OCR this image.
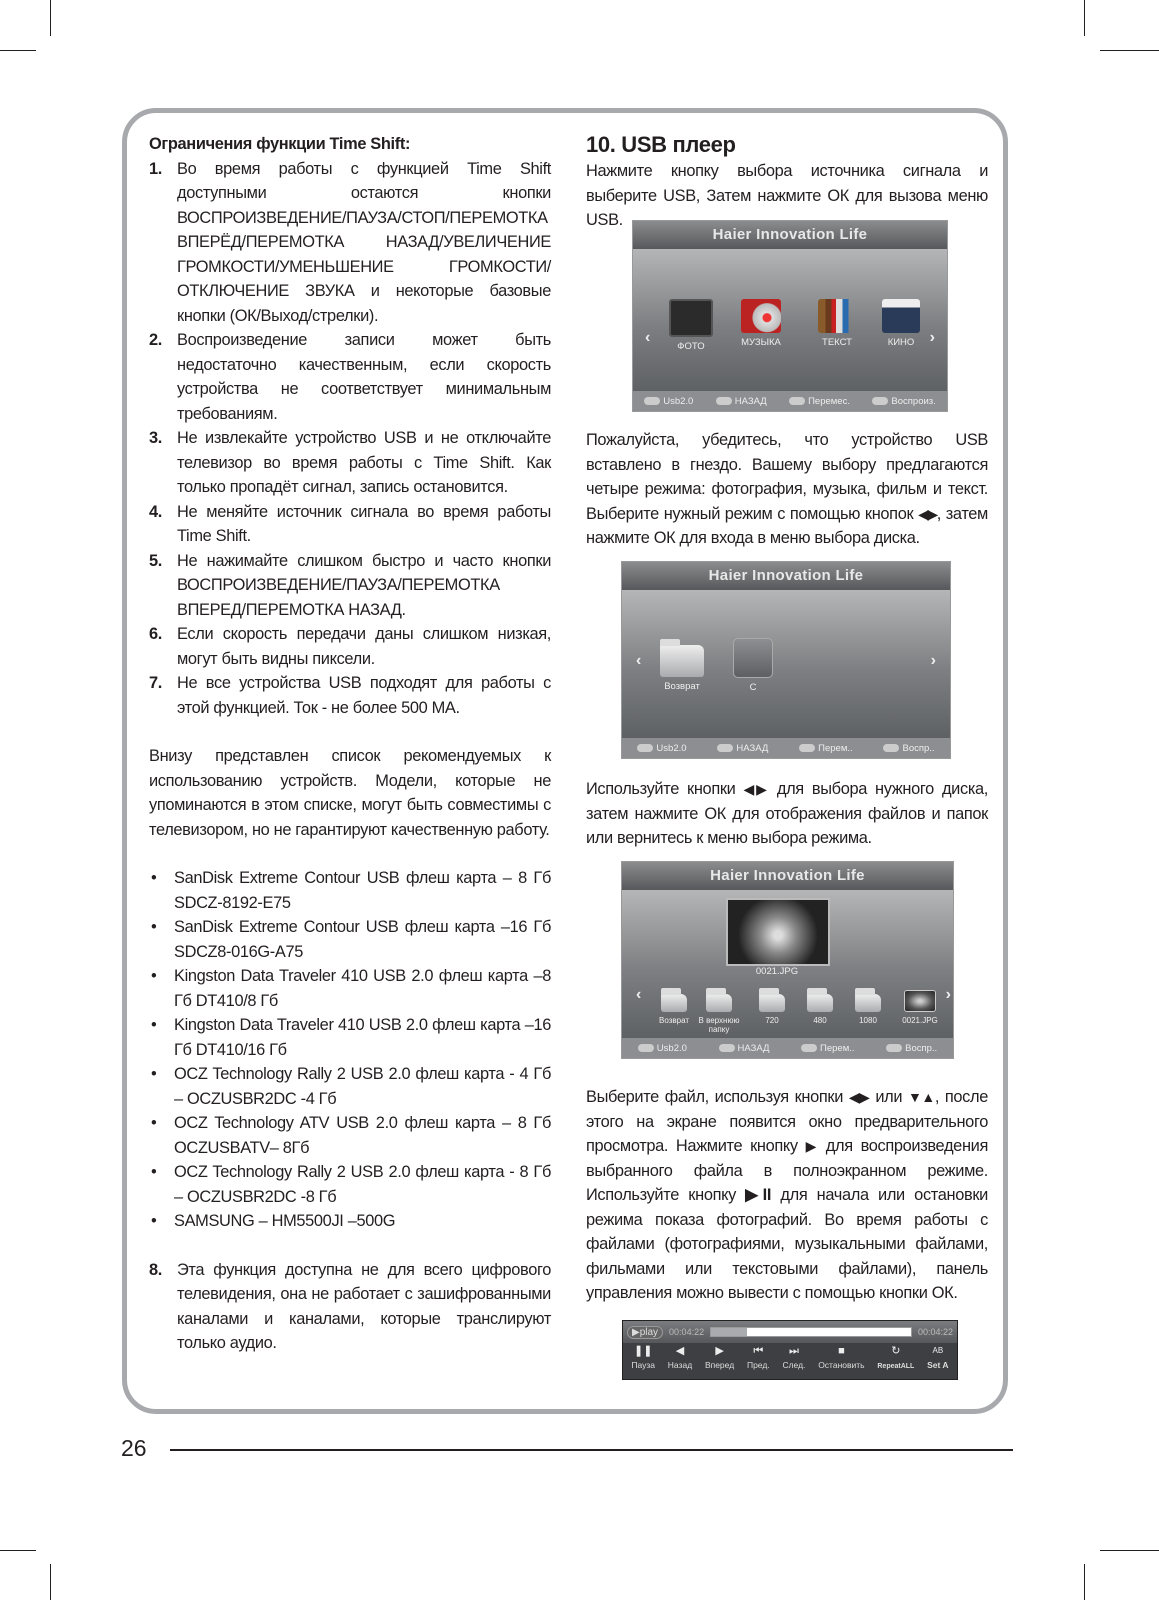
Ограничения функции Time Shift:
1. Во время работы с функцией Time Shift доступными остаются кнопки ВОСПРОИЗВЕДЕНИЕ/ПАУЗА/СТОП/ПЕРЕМОТКА ВПЕРЁД/ПЕРЕМОТКА НАЗАД/УВЕЛИЧЕНИЕ ГРОМКОСТИ/УМЕНЬШЕНИЕ ГРОМКОСТИ/ОТКЛЮЧЕНИЕ ЗВУКА и некоторые базовые кнопки (ОК/Выход/стрелки).
2. Воспроизведение записи может быть недостаточно качественным, если скорость устройства не соответствует минимальным требованиям.
3. Не извлекайте устройство USB и не отключайте телевизор во время работы с Time Shift. Как только пропадёт сигнал, запись остановится.
4. Не меняйте источник сигнала во время работы Time Shift.
5. Не нажимайте слишком быстро и часто кнопки ВОСПРОИЗВЕДЕНИЕ/ПАУЗА/ПЕРЕМОТКА ВПЕРЕД/ПЕРЕМОТКА НАЗАД.
6. Если скорость передачи даны слишком низкая, могут быть видны пиксели.
7. Не все устройства USB подходят для работы с этой функцией. Ток - не более 500 МА.
Внизу представлен список рекомендуемых к использованию устройств. Модели, которые не упоминаются в этом списке, могут быть совместимы с телевизором, но не гарантируют качественную работу.
•	SanDisk Extreme Contour USB флеш карта – 8 Гб SDCZ-8192-E75
•	SanDisk Extreme Contour USB флеш карта –16 Гб SDCZ8-016G-A75
•	Kingston Data Traveler 410 USB 2.0 флеш карта –8 Гб DT410/8 Гб
•	Kingston Data Traveler 410 USB 2.0 флеш карта –16 Гб DT410/16 Гб
•	OCZ Technology Rally 2 USB 2.0 флеш карта - 4 Гб – OCZUSBR2DC -4 Гб
•	OCZ Technology ATV USB 2.0 флеш карта – 8 Гб OCZUSBATV– 8Гб
•	OCZ Technology Rally 2 USB 2.0 флеш карта - 8 Гб – OCZUSBR2DC -8 Гб
•	SAMSUNG – HM5500JI –500G
8. Эта функция доступна не для всего цифрового телевидения, она не работает с зашифрованными каналами и каналами, которые транслируют только аудио.
10. USB плеер
Нажмите кнопку выбора источника сигнала и выберите USB, Затем нажмите ОК для вызова меню USB.
Пожалуйста, убедитесь, что устройство USB вставлено в гнездо. Вашему выбору предлагаются четыре режима: фотография, музыка, фильм и текст. Выберите нужный режим с помощью кнопок ◀▶, затем нажмите ОК для входа в меню выбора диска.
Используйте кнопки ◀▶ для выбора нужного диска, затем нажмите ОК для отображения файлов и папок или вернитесь к меню выбора режима.
Выберите файл, используя кнопки ◀▶ или ▼▲, после этого на экране появится окно предварительного просмотра. Нажмите кнопку ▶ для воспроизведения выбранного файла в полноэкранном режиме. Используйте кнопку ▶II для начала или остановки режима показа фотографий. Во время работы с файлами (фотографиями, музыкальными файлами, фильмами или текстовыми файлами), панель управления можно вывести с помощью кнопки ОК.
Haier Innovation Life
‹	›
ФОТО	МУЗЫКА	ТЕКСТ	КИНО
Usb2.0	НАЗАД	Перемес.	Воспроиз.
Haier Innovation Life
‹	›
Возврат	C
Usb2.0	НАЗАД	Перем..	Воспр..
Haier Innovation Life
0021.JPG
‹	›
Возврат	В верхнюю папку
720	480	1080	0021.JPG
Usb2.0	НАЗАД	Перем..	Воспр..
▶play	00:04:22	00:04:22
❚❚
Пауза
◀
Назад
▶
Вперед
⏮
Пред.
⏭
След.
■
Остановить
↻
RepeatALL
AB
Set A
26
